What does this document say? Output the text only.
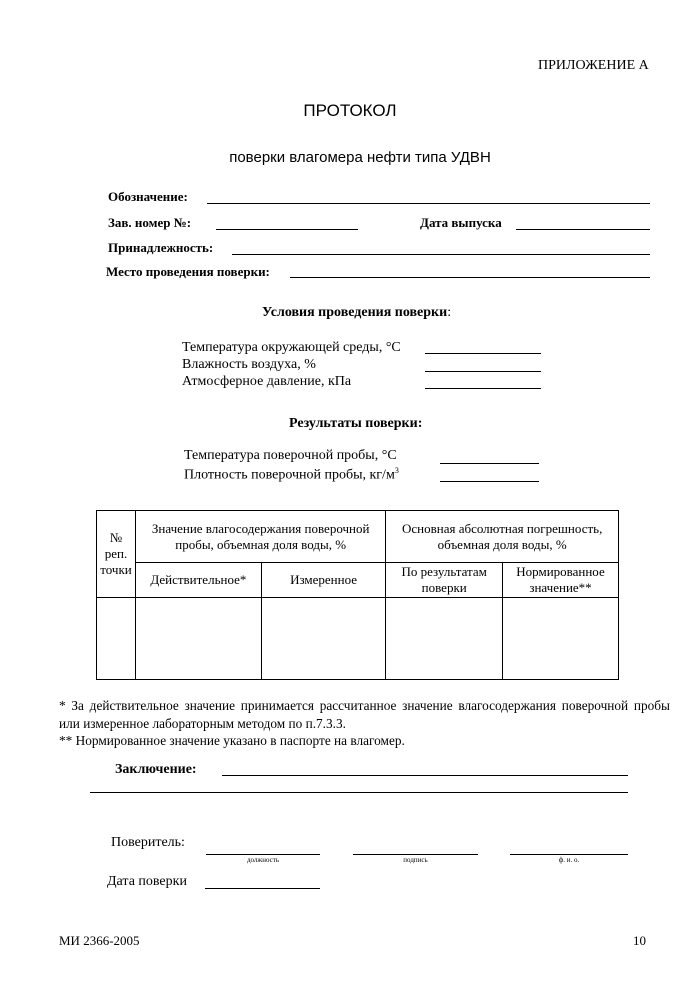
ПРИЛОЖЕНИЕ А
ПРОТОКОЛ
поверки влагомера нефти типа УДВН
Обозначение:
Зав. номер №:	Дата выпуска
Принадлежность:
Место проведения поверки:
Условия проведения поверки:
Температура окружающей среды, °С
Влажность воздуха, %
Атмосферное давление, кПа
Результаты поверки:
Температура поверочной пробы, °С
Плотность поверочной пробы, $кг/м^3$
№
реп.
точки	Значение влагосодержания поверочной пробы, объемная доля воды, %		Основная абсолютная погрешность, объемная доля воды, %	
	Действительное*	Измеренное	По результатам поверки	Нормированное значение**

* За действительное значение принимается рассчитанное значение влагосодержания поверочной пробы или измеренное лабораторным методом по п.7.3.3.
** Нормированное значение указано в паспорте на влагомер.
Заключение:
Поверитель:
должность	подпись	ф. и. о.
Дата поверки
МИ 2366-2005	10
